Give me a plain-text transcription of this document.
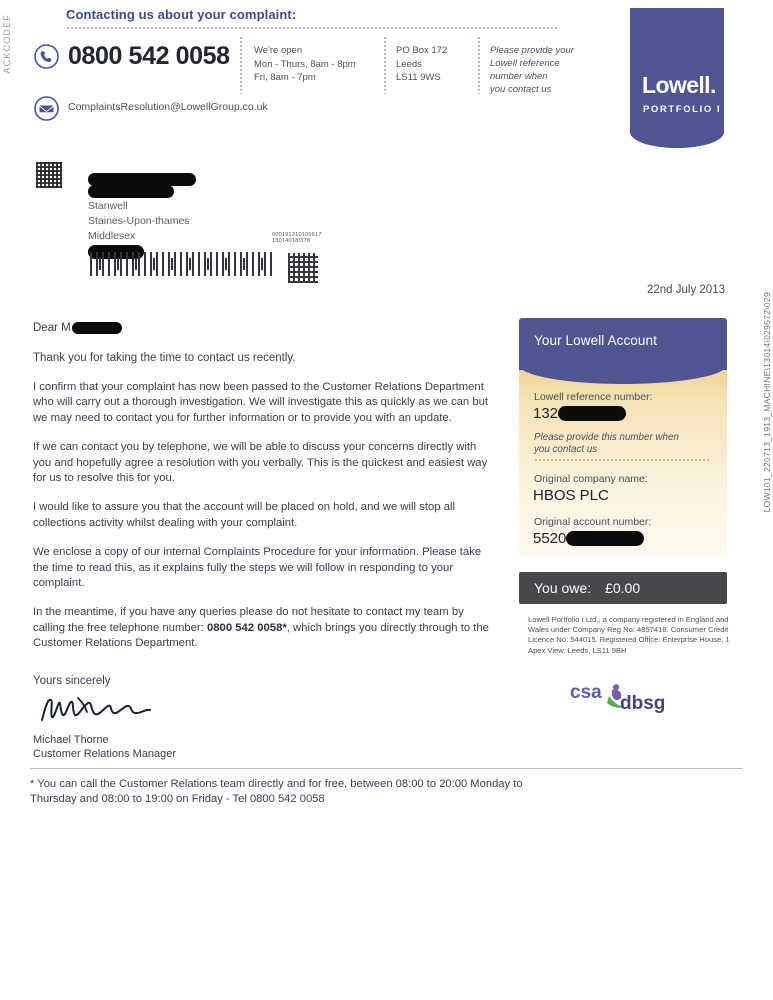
ACKCODEF
LOW101_220713_1913_MACHINE\13014\029572\029
Contacting us about your complaint:
0800 542 0058	We're open
Mon - Thurs, 8am - 8pm
Fri, 8am - 7pm
PO Box 172
Leeds
LS11 9WS
Please provide your
Lowell reference
number when
you contact us
ComplaintsResolution@LowellGroup.co.uk
Lowell.
PORTFOLIO I
Stanwell
Staines-Upon-thames
Middlesex	000191310100617
13014018/378
22nd July 2013
Dear M
Thank you for taking the time to contact us recently.

I confirm that your complaint has now been passed to the Customer Relations Department who will carry out a thorough investigation. We will investigate this as quickly as we can but we may need to contact you for further information or to provide you with an update.

If we can contact you by telephone, we will be able to discuss your concerns directly with you and hopefully agree a resolution with you verbally. This is the quickest and easiest way for us to resolve this for you.

I would like to assure you that the account will be placed on hold, and we will stop all collections activity whilst dealing with your complaint.

We enclose a copy of our internal Complaints Procedure for your information. Please take the time to read this, as it explains fully the steps we will follow in responding to your complaint.

In the meantime, if you have any queries please do not hesitate to contact my team by calling the free telephone number: 0800 542 0058*, which brings you directly through to the Customer Relations Department.

Yours sincerely
Michael Thorne
Customer Relations Manager
* You can call the Customer Relations team directly and for free, between 08:00 to 20:00 Monday to Thursday and 08:00 to 19:00 on Friday - Tel 0800 542 0058
Your Lowell Account
Lowell reference number:
132
Please provide this number when
you contact us
Original company name:
HBOS PLC
Original account number:
5520
You owe: £0.00
Lowell Portfolio I Ltd., a company registered in England and Wales under Company Reg No: 4857418. Consumer Credit Licence No: 544015. Registered Office: Enterprise House, 1 Apex View, Leeds, LS11 9BH
csa
dbsg
